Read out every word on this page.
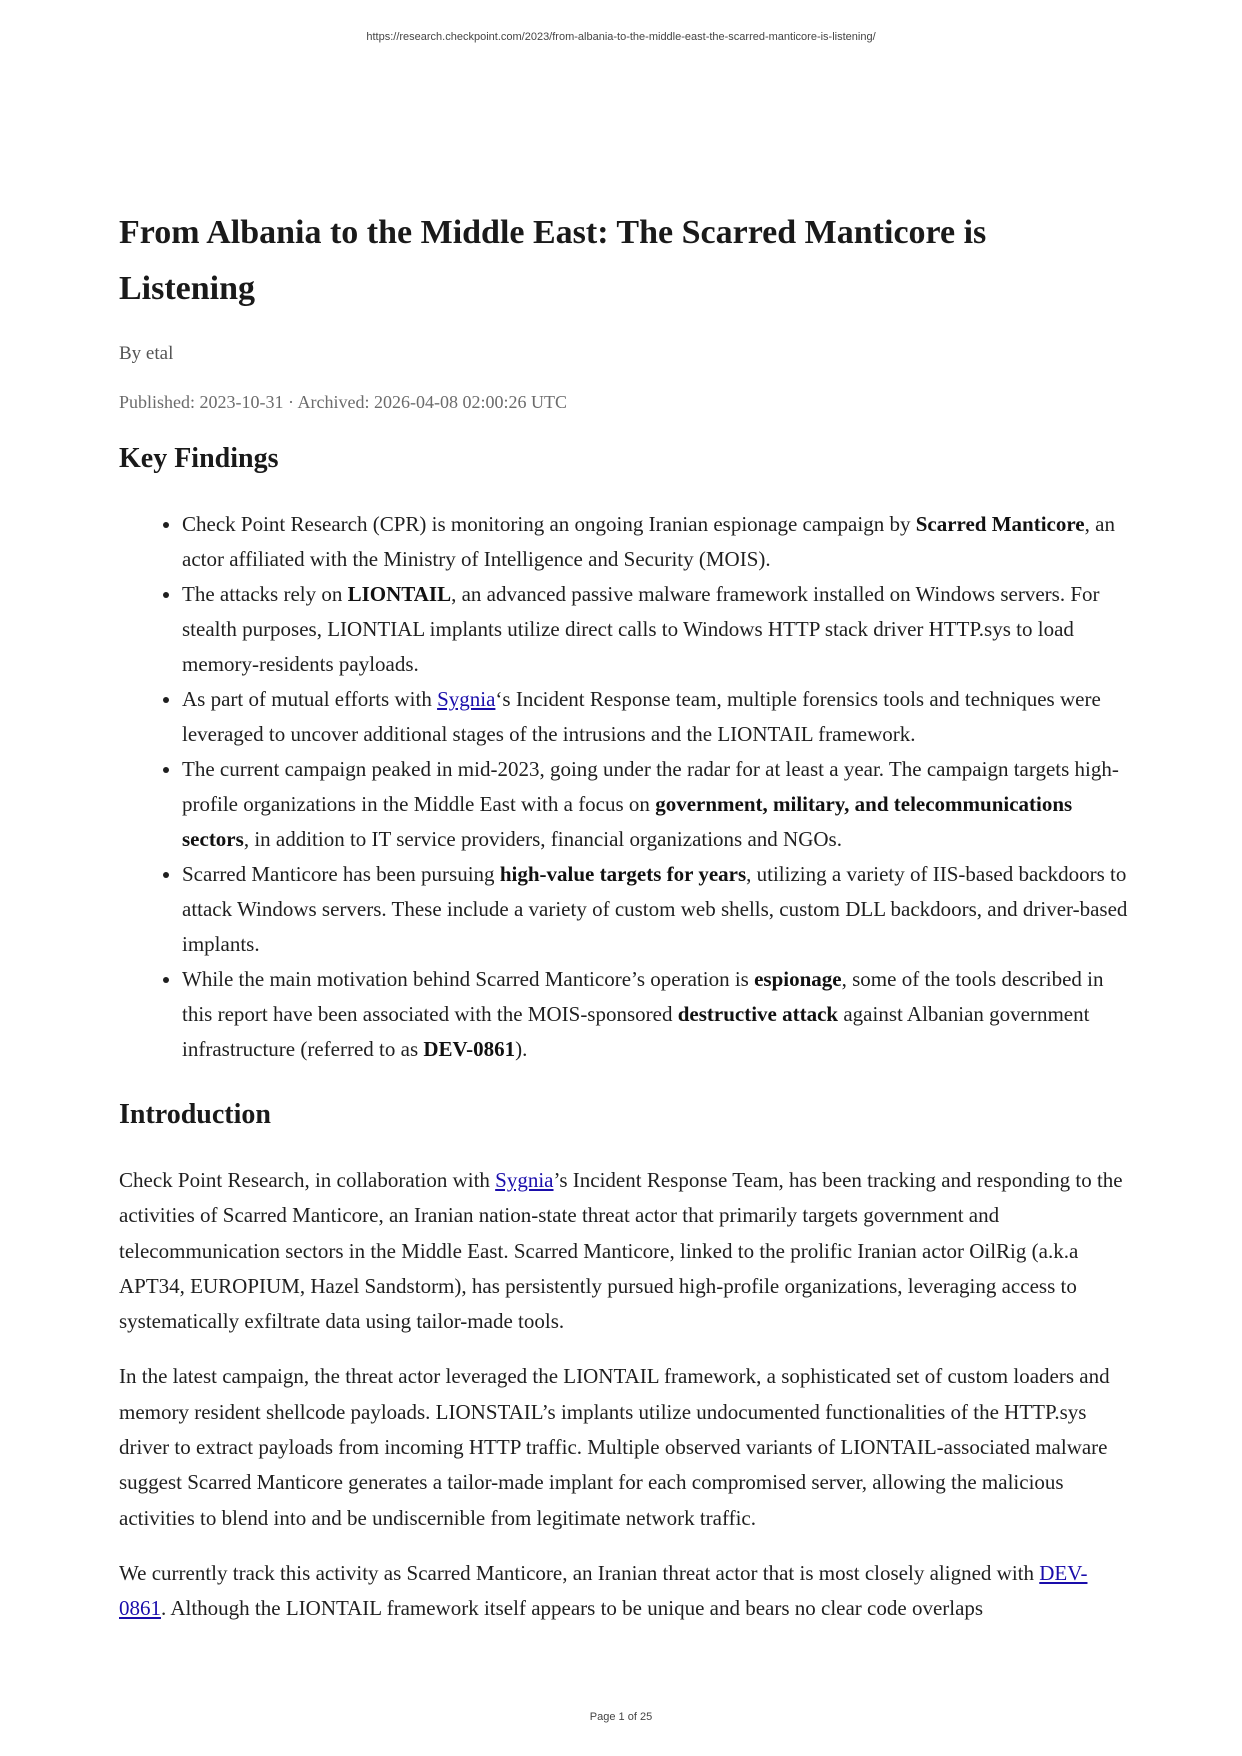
https://research.checkpoint.com/2023/from-albania-to-the-middle-east-the-scarred-manticore-is-listening/
From Albania to the Middle East: The Scarred Manticore is Listening
By etal
Published: 2023-10-31 · Archived: 2026-04-08 02:00:26 UTC
Key Findings
• Check Point Research (CPR) is monitoring an ongoing Iranian espionage campaign by Scarred Manticore, an actor affiliated with the Ministry of Intelligence and Security (MOIS).
• The attacks rely on LIONTAIL, an advanced passive malware framework installed on Windows servers. For stealth purposes, LIONTIAL implants utilize direct calls to Windows HTTP stack driver HTTP.sys to load memory-residents payloads.
• As part of mutual efforts with Sygnia‘s Incident Response team, multiple forensics tools and techniques were leveraged to uncover additional stages of the intrusions and the LIONTAIL framework.
• The current campaign peaked in mid-2023, going under the radar for at least a year. The campaign targets high-profile organizations in the Middle East with a focus on government, military, and telecommunications sectors, in addition to IT service providers, financial organizations and NGOs.
• Scarred Manticore has been pursuing high-value targets for years, utilizing a variety of IIS-based backdoors to attack Windows servers. These include a variety of custom web shells, custom DLL backdoors, and driver-based implants.
• While the main motivation behind Scarred Manticore’s operation is espionage, some of the tools described in this report have been associated with the MOIS-sponsored destructive attack against Albanian government infrastructure (referred to as DEV-0861).
Introduction

Check Point Research, in collaboration with Sygnia’s Incident Response Team, has been tracking and responding to the activities of Scarred Manticore, an Iranian nation-state threat actor that primarily targets government and telecommunication sectors in the Middle East. Scarred Manticore, linked to the prolific Iranian actor OilRig (a.k.a APT34, EUROPIUM, Hazel Sandstorm), has persistently pursued high-profile organizations, leveraging access to systematically exfiltrate data using tailor-made tools.

In the latest campaign, the threat actor leveraged the LIONTAIL framework, a sophisticated set of custom loaders and memory resident shellcode payloads. LIONSTAIL’s implants utilize undocumented functionalities of the HTTP.sys driver to extract payloads from incoming HTTP traffic. Multiple observed variants of LIONTAIL-associated malware suggest Scarred Manticore generates a tailor-made implant for each compromised server, allowing the malicious activities to blend into and be undiscernible from legitimate network traffic.

We currently track this activity as Scarred Manticore, an Iranian threat actor that is most closely aligned with DEV-0861. Although the LIONTAIL framework itself appears to be unique and bears no clear code overlaps

Page 1 of 25
